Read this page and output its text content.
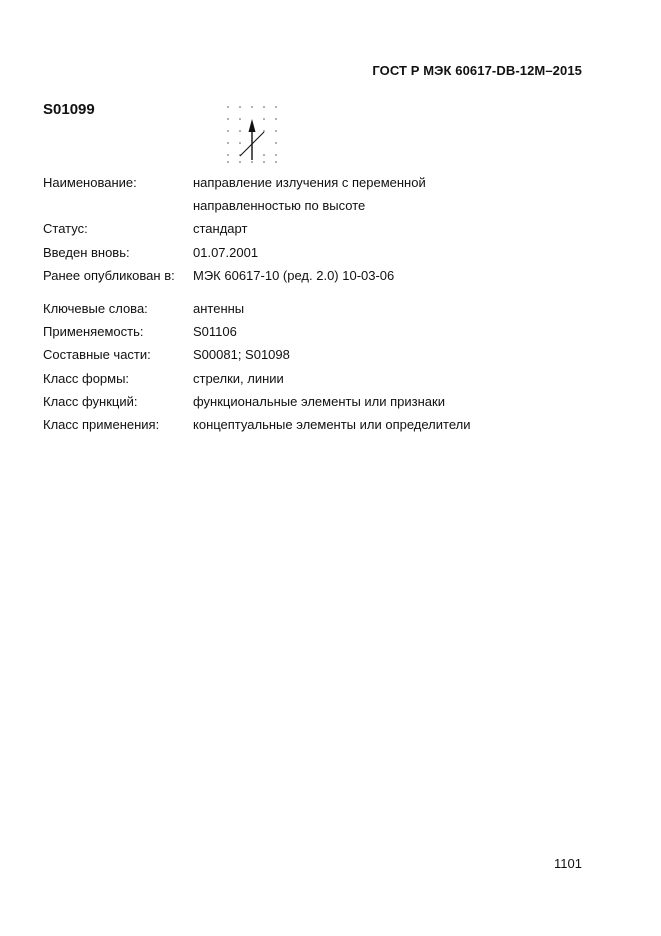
ГОСТ Р МЭК 60617-DB-12M–2015
S01099
Наименование:	направление излучения с переменной
направленностью по высоте
Статус:	стандарт
Введен вновь:	01.07.2001
Ранее опубликован в:	МЭК 60617-10 (ред. 2.0) 10-03-06
Ключевые слова:	антенны
Применяемость:	S01106
Составные части:	S00081; S01098
Класс формы:	стрелки, линии
Класс функций:	функциональные элементы или признаки
Класс применения:	концептуальные элементы или определители
1101
